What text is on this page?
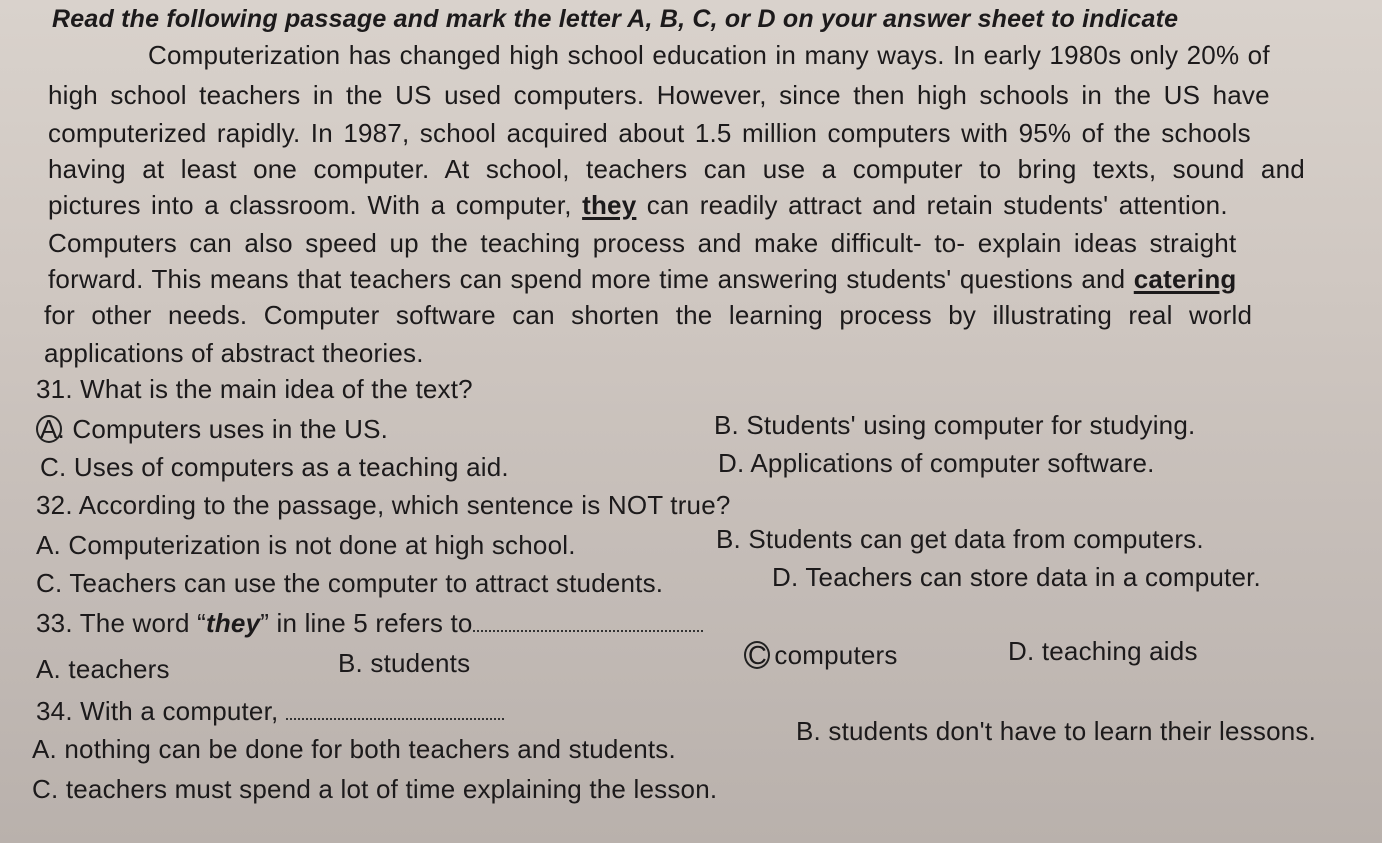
Read the following passage and mark the letter A, B, C, or D on your answer sheet to indicate
Computerization has changed high school education in many ways. In early 1980s only 20% of
high school teachers in the US used computers. However, since then high schools in the US have
computerized rapidly. In 1987, school acquired about 1.5 million computers with 95% of the schools
having at least one computer. At school, teachers can use a computer to bring texts, sound and
pictures into a classroom. With a computer, they can readily attract and retain students' attention.
Computers can also speed up the teaching process and make difficult- to- explain ideas straight
forward. This means that teachers can spend more time answering students' questions and catering
for other needs. Computer software can shorten the learning process by illustrating real world
applications of abstract theories.
31. What is the main idea of the text?
A. Computers uses in the US.	B. Students' using computer for studying.
C. Uses of computers as a teaching aid.	D. Applications of computer software.
32. According to the passage, which sentence is NOT true?
A. Computerization is not done at high school.	B. Students can get data from computers.
C. Teachers can use the computer to attract students.	D. Teachers can store data in a computer.
33. The word “they” in line 5 refers to
A. teachers	B. students	C computers	D. teaching aids
34. With a computer,
A. nothing can be done for both teachers and students.
B. students don't have to learn their lessons.
C. teachers must spend a lot of time explaining the lesson.
